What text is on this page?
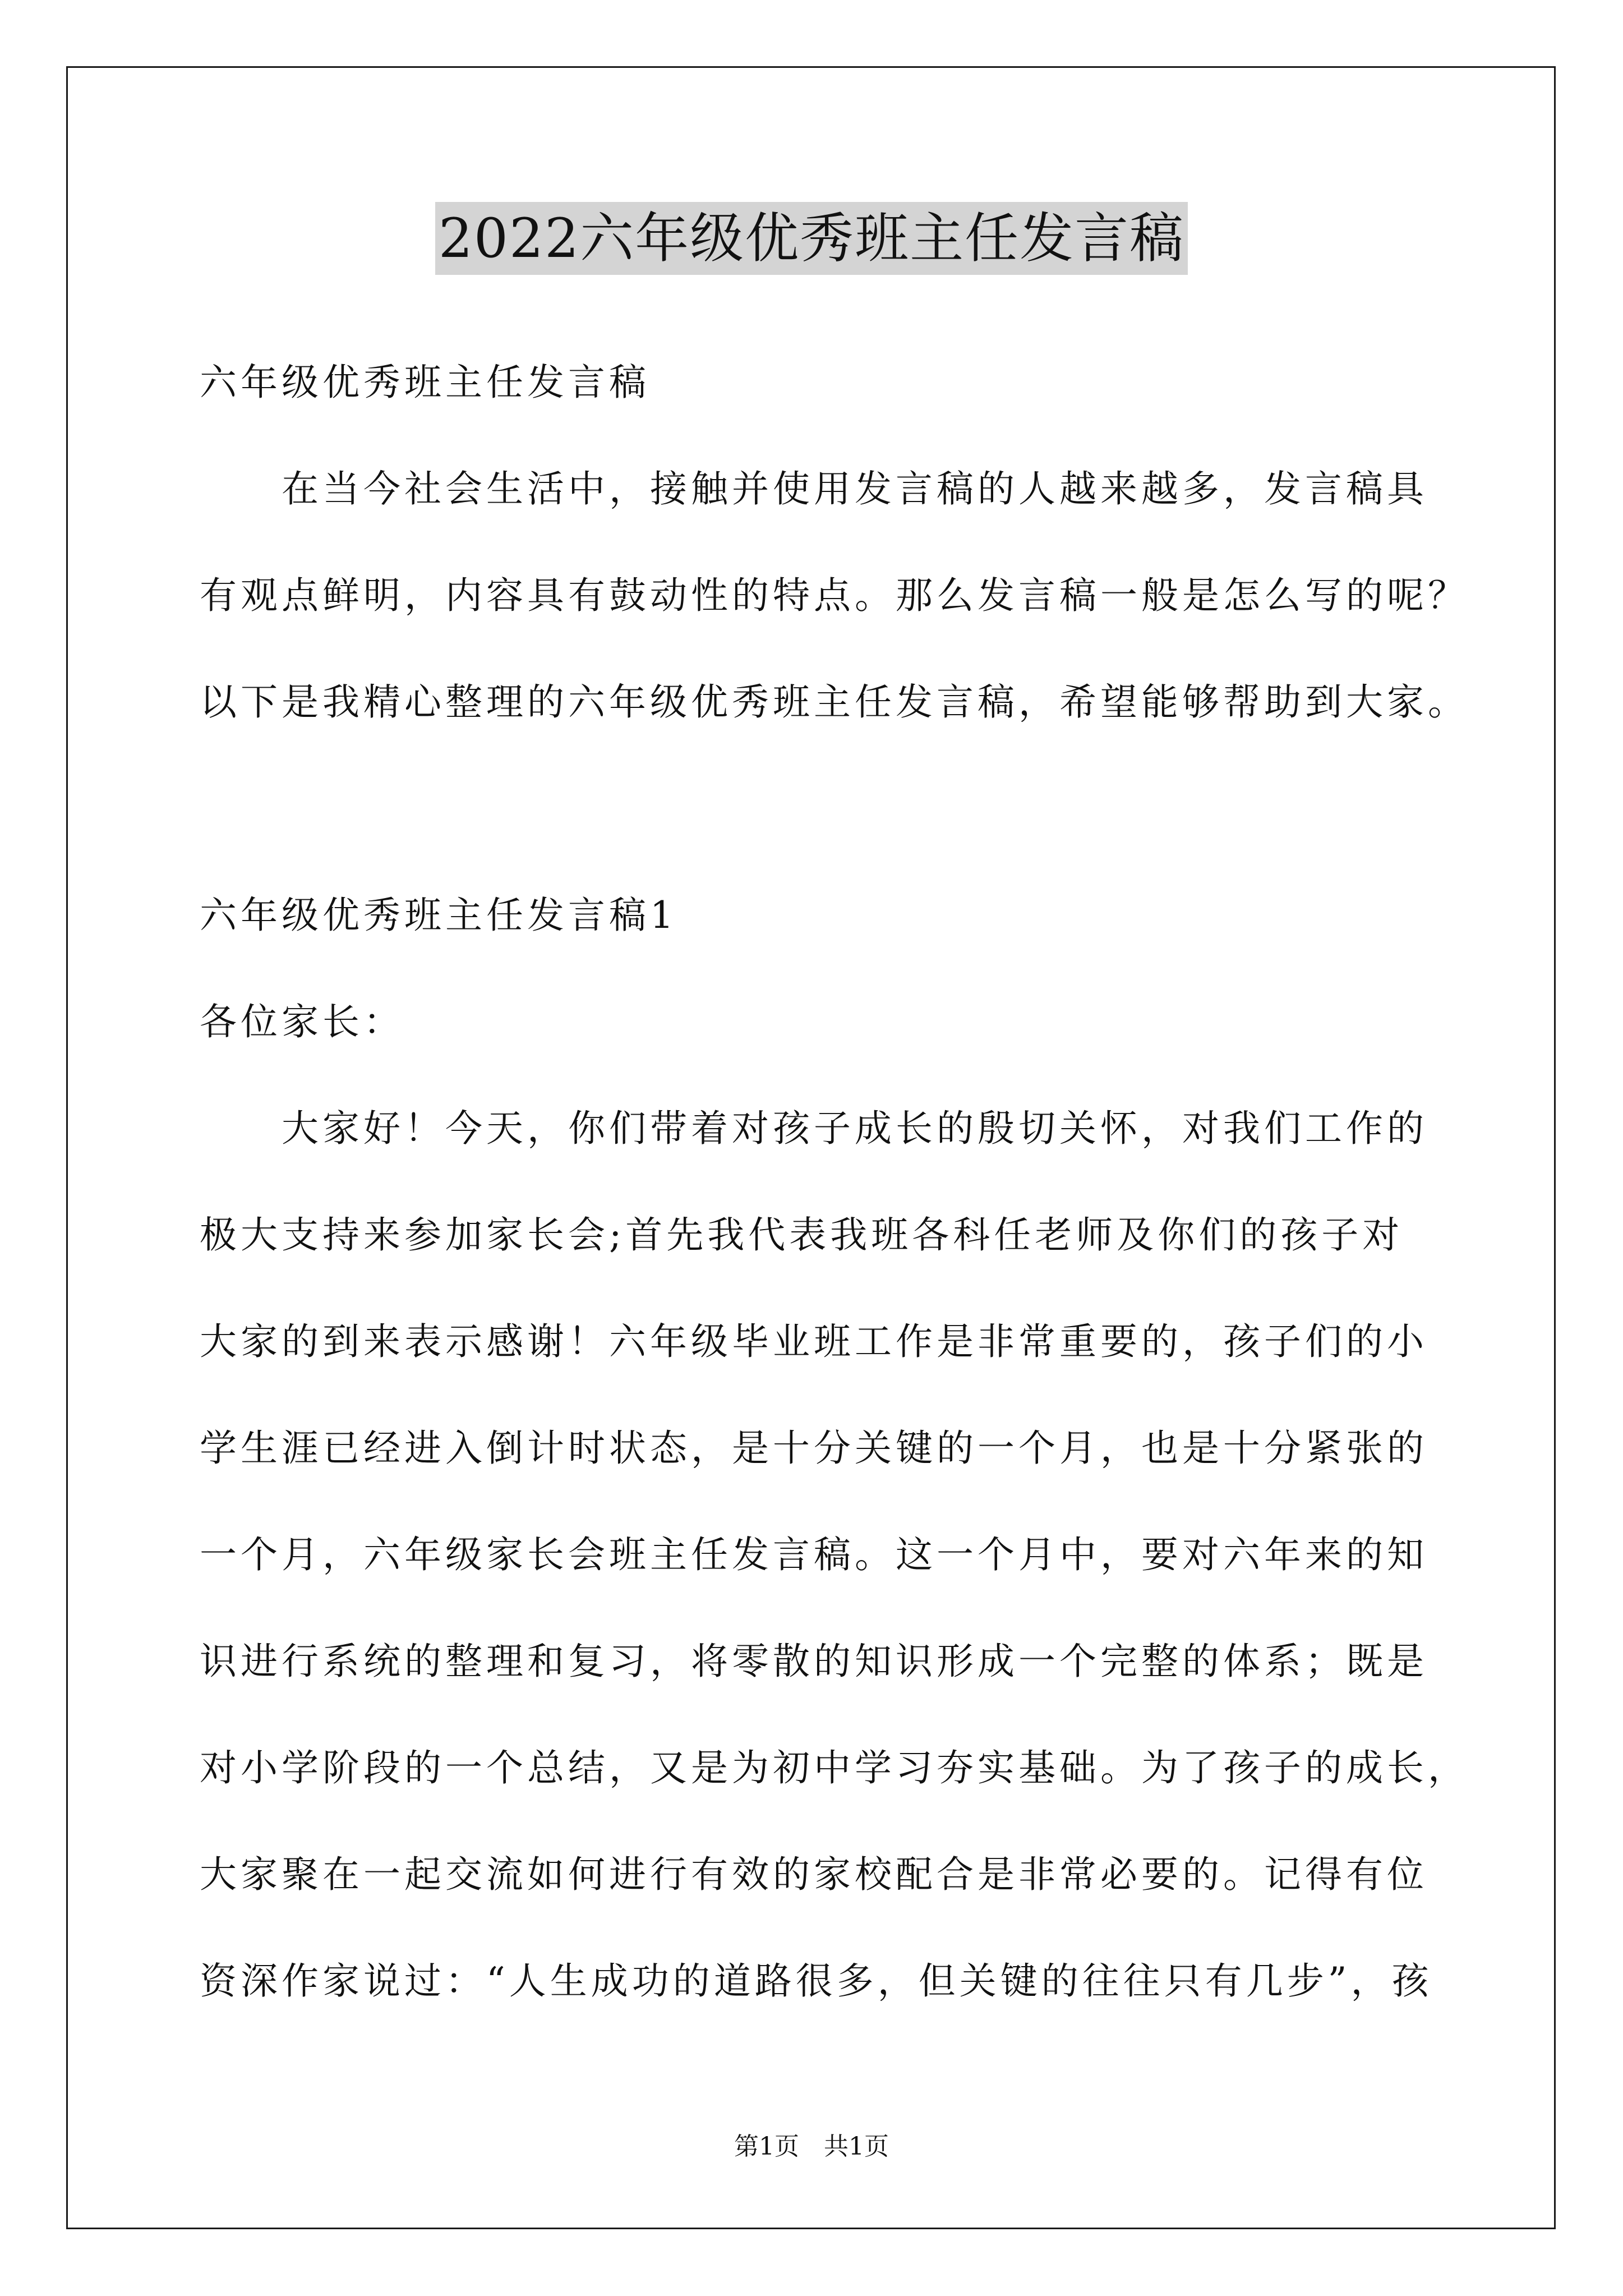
2022六年级优秀班主任发言稿
六年级优秀班主任发言稿
　　在当今社会生活中，接触并使用发言稿的人越来越多，发言稿具
有观点鲜明，内容具有鼓动性的特点。那么发言稿一般是怎么写的呢？
以下是我精心整理的六年级优秀班主任发言稿，希望能够帮助到大家。
六年级优秀班主任发言稿1
各位家长：
　　大家好！今天，你们带着对孩子成长的殷切关怀，对我们工作的
极大支持来参加家长会;首先我代表我班各科任老师及你们的孩子对
大家的到来表示感谢！六年级毕业班工作是非常重要的，孩子们的小
学生涯已经进入倒计时状态，是十分关键的一个月，也是十分紧张的
一个月，六年级家长会班主任发言稿。这一个月中，要对六年来的知
识进行系统的整理和复习，将零散的知识形成一个完整的体系；既是
对小学阶段的一个总结，又是为初中学习夯实基础。为了孩子的成长，
大家聚在一起交流如何进行有效的家校配合是非常必要的。记得有位
资深作家说过：“人生成功的道路很多，但关键的往往只有几步”，孩
第1页　共1页
